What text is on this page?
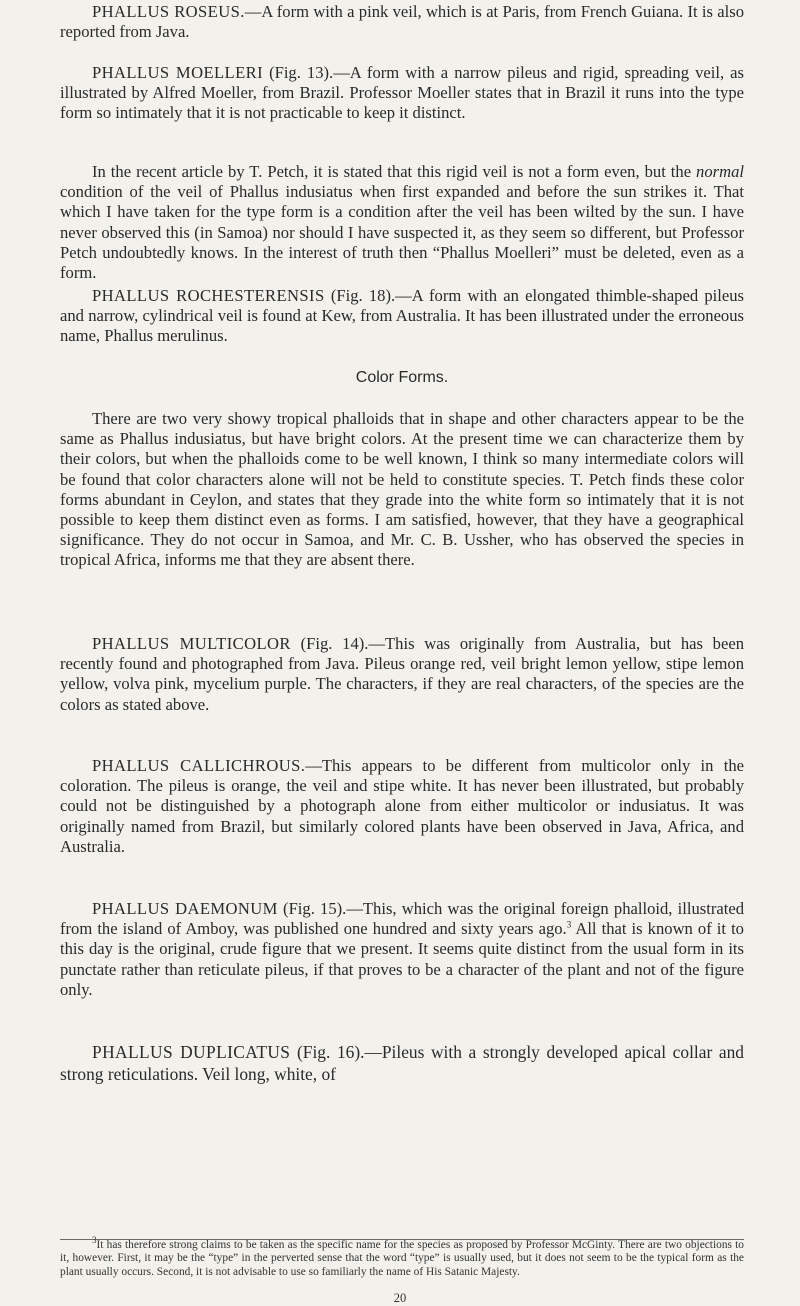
PHALLUS ROSEUS.—A form with a pink veil, which is at Paris, from French Guiana. It is also reported from Java.

PHALLUS MOELLERI (Fig. 13).—A form with a narrow pileus and rigid, spreading veil, as illustrated by Alfred Moeller, from Brazil. Professor Moeller states that in Brazil it runs into the type form so intimately that it is not practicable to keep it distinct.

In the recent article by T. Petch, it is stated that this rigid veil is not a form even, but the normal condition of the veil of Phallus indusiatus when first expanded and before the sun strikes it. That which I have taken for the type form is a condition after the veil has been wilted by the sun. I have never observed this (in Samoa) nor should I have suspected it, as they seem so different, but Professor Petch undoubtedly knows. In the interest of truth then “Phallus Moelleri” must be deleted, even as a form.

PHALLUS ROCHESTERENSIS (Fig. 18).—A form with an elongated thimble-shaped pileus and narrow, cylindrical veil is found at Kew, from Australia. It has been illustrated under the erroneous name, Phallus merulinus.

Color Forms.

There are two very showy tropical phalloids that in shape and other characters appear to be the same as Phallus indusiatus, but have bright colors. At the present time we can characterize them by their colors, but when the phalloids come to be well known, I think so many intermediate colors will be found that color characters alone will not be held to constitute species. T. Petch finds these color forms abundant in Ceylon, and states that they grade into the white form so intimately that it is not possible to keep them distinct even as forms. I am satisfied, however, that they have a geographical significance. They do not occur in Samoa, and Mr. C. B. Ussher, who has observed the species in tropical Africa, informs me that they are absent there.

PHALLUS MULTICOLOR (Fig. 14).—This was originally from Australia, but has been recently found and photographed from Java. Pileus orange red, veil bright lemon yellow, stipe lemon yellow, volva pink, mycelium purple. The characters, if they are real characters, of the species are the colors as stated above.

PHALLUS CALLICHROUS.—This appears to be different from multicolor only in the coloration. The pileus is orange, the veil and stipe white. It has never been illustrated, but probably could not be distinguished by a photograph alone from either multicolor or indusiatus. It was originally named from Brazil, but similarly colored plants have been observed in Java, Africa, and Australia.

PHALLUS DAEMONUM (Fig. 15).—This, which was the original foreign phalloid, illustrated from the island of Amboy, was published one hundred and sixty years ago.$^3$ All that is known of it to this day is the original, crude figure that we present. It seems quite distinct from the usual form in its punctate rather than reticulate pileus, if that proves to be a character of the plant and not of the figure only.

PHALLUS DUPLICATUS (Fig. 16).—Pileus with a strongly developed apical collar and strong reticulations. Veil long, white, of

$^3$It has therefore strong claims to be taken as the specific name for the species as proposed by Professor McGinty. There are two objections to it, however. First, it may be the “type” in the perverted sense that the word “type” is usually used, but it does not seem to be the typical form as the plant usually occurs. Second, it is not advisable to use so familiarly the name of His Satanic Majesty.

20
